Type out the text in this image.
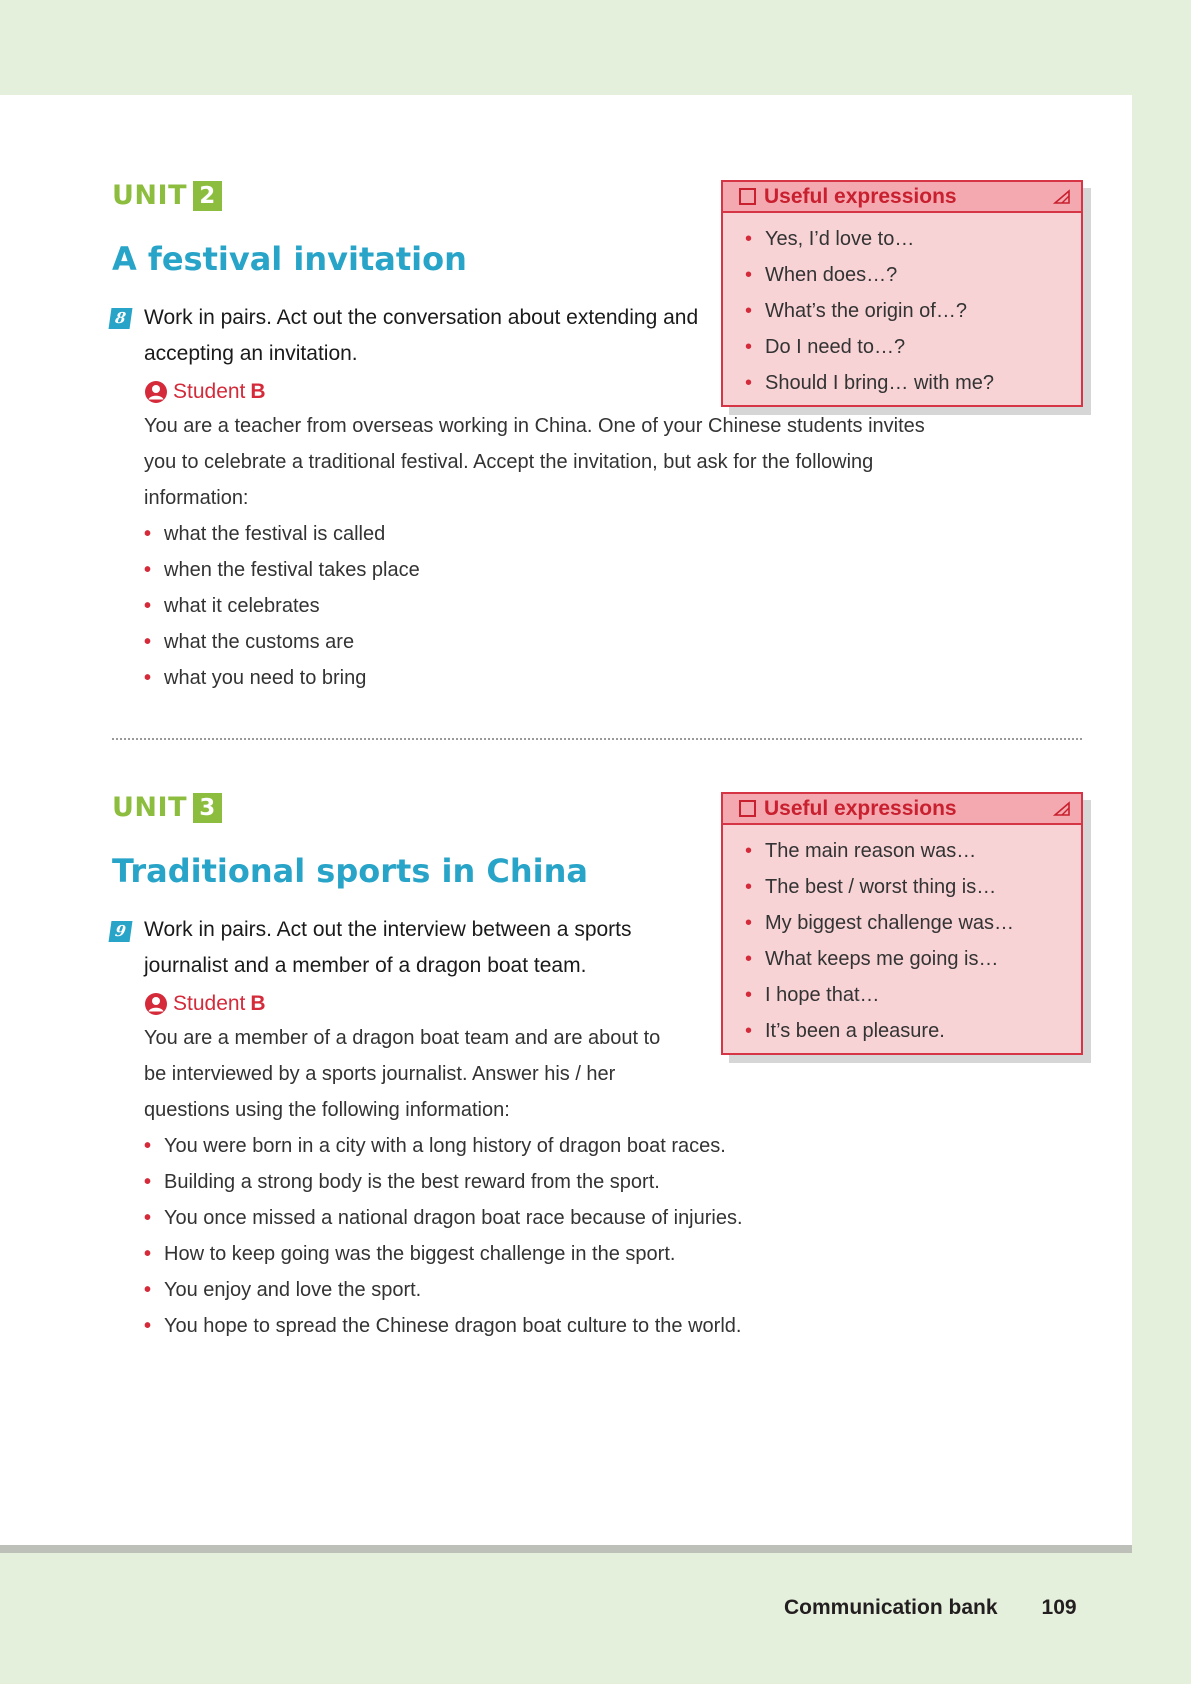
UNIT 2
A festival invitation
8 Work in pairs. Act out the conversation about extending and accepting an invitation.

Student B

You are a teacher from overseas working in China. One of your Chinese students invites you to celebrate a traditional festival. Accept the invitation, but ask for the following information:

• what the festival is called
• when the festival takes place
• what it celebrates
• what the customs are
• what you need to bring
Useful expressions
• Yes, I’d love to…
• When does…?
• What’s the origin of…?
• Do I need to…?
• Should I bring… with me?
UNIT 3
Traditional sports in China
9 Work in pairs. Act out the interview between a sports journalist and a member of a dragon boat team.

Student B

You are a member of a dragon boat team and are about to be interviewed by a sports journalist. Answer his / her questions using the following information:

• You were born in a city with a long history of dragon boat races.
• Building a strong body is the best reward from the sport.
• You once missed a national dragon boat race because of injuries.
• How to keep going was the biggest challenge in the sport.
• You enjoy and love the sport.
• You hope to spread the Chinese dragon boat culture to the world.
Useful expressions
• The main reason was…
• The best / worst thing is…
• My biggest challenge was…
• What keeps me going is…
• I hope that…
• It’s been a pleasure.
Communication bank 109
